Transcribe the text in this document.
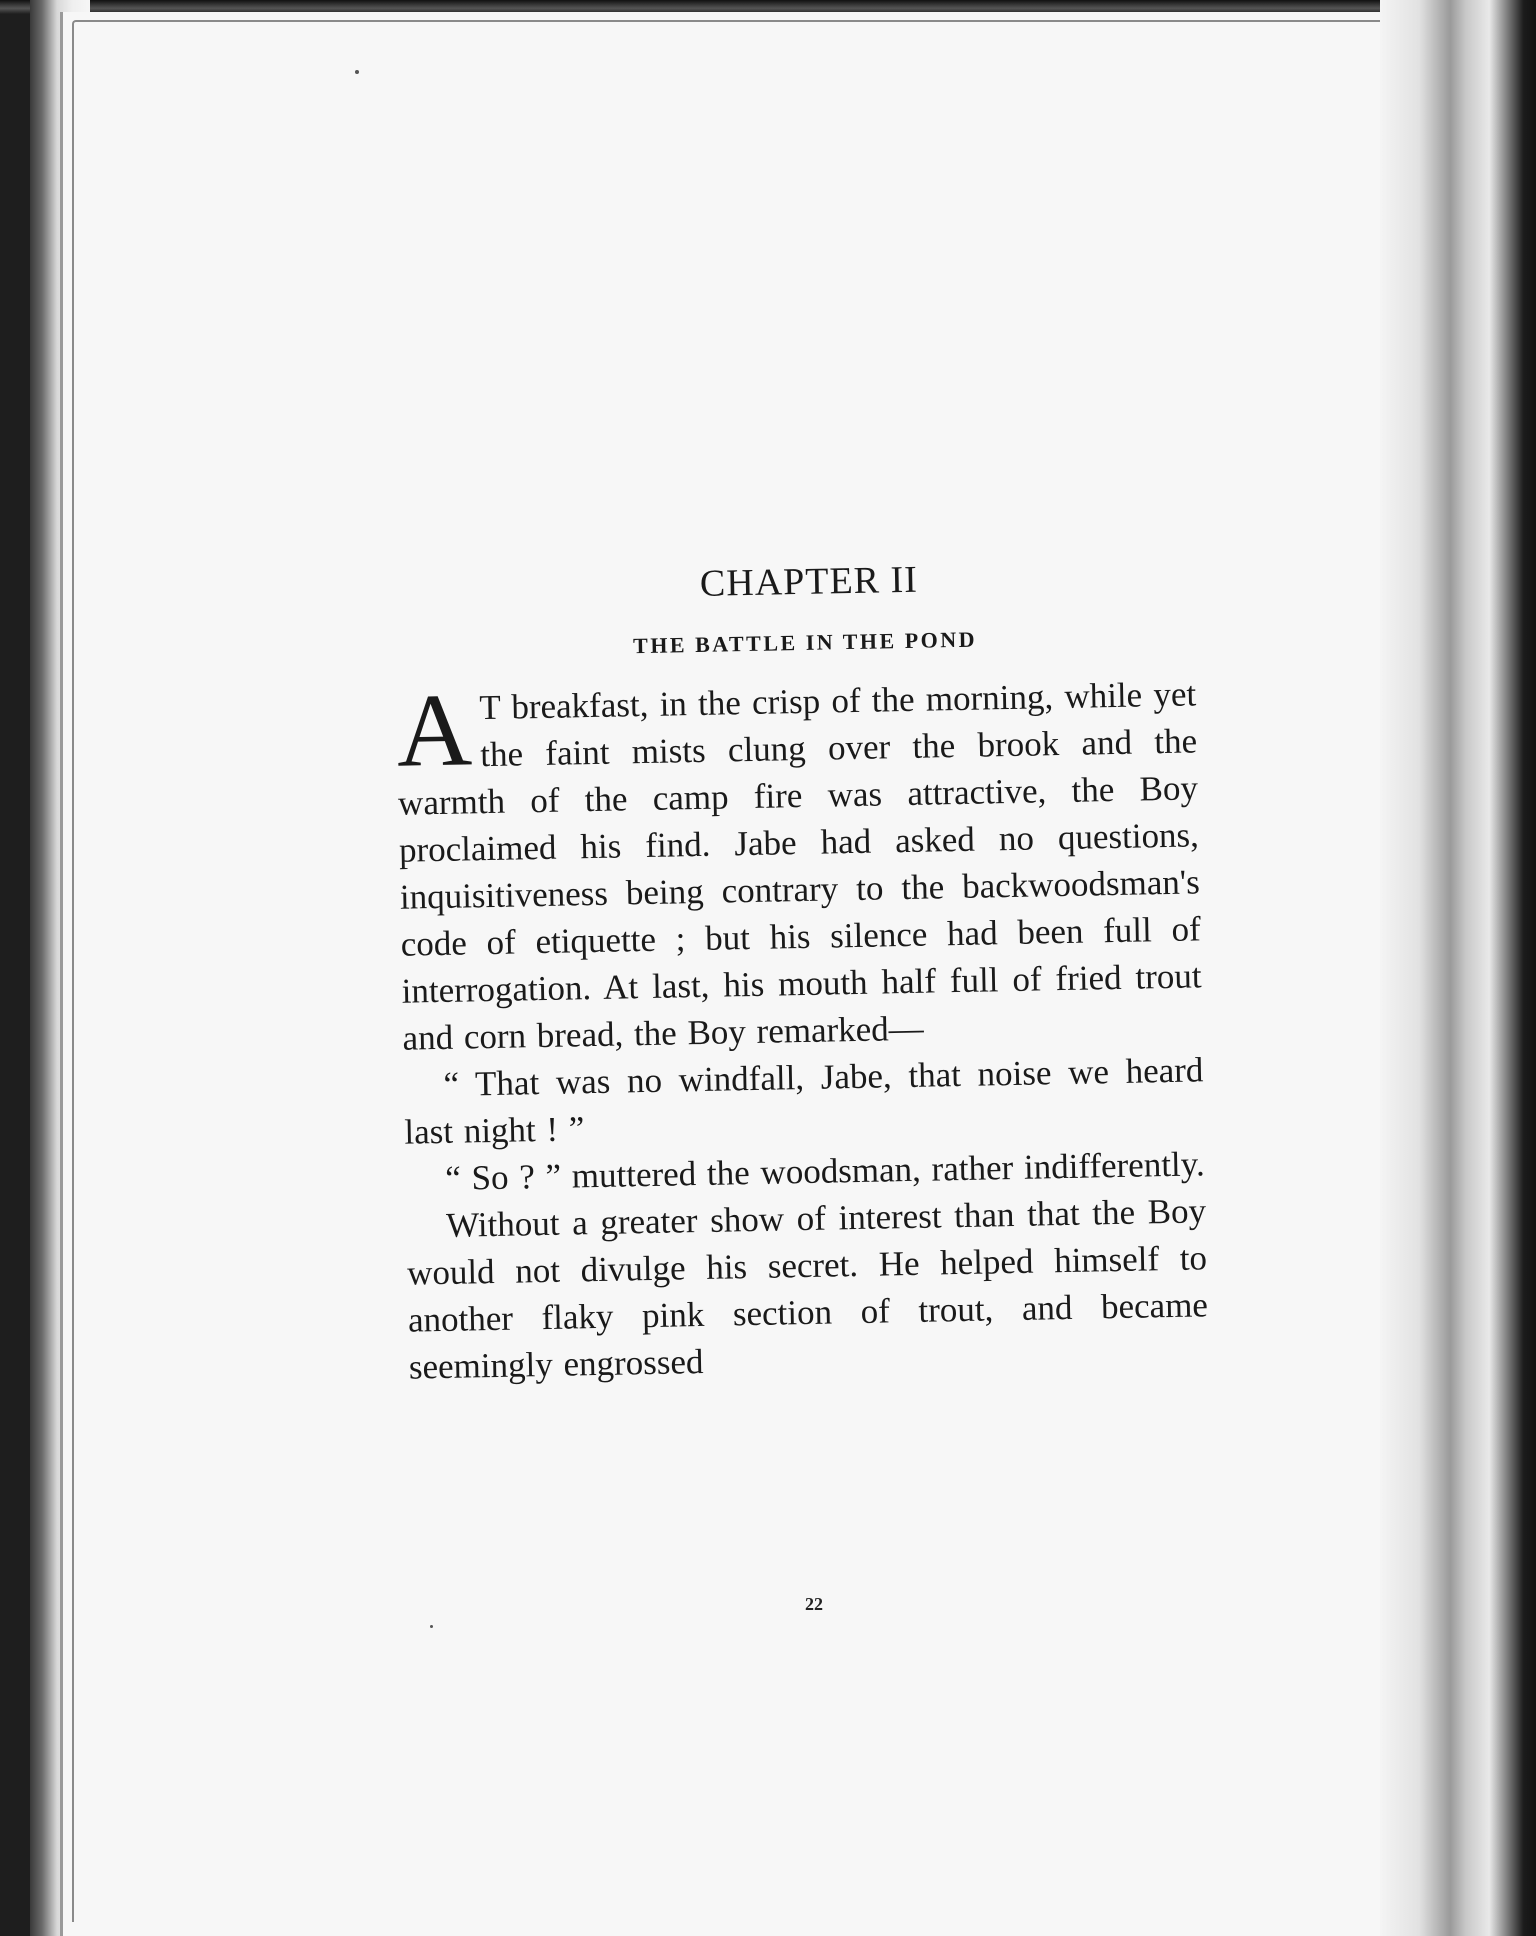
CHAPTER II
THE BATTLE IN THE POND

A T breakfast, in the crisp of the morning, while yet the faint mists clung over the brook and the warmth of the camp fire was attractive, the Boy proclaimed his find. Jabe had asked no questions, inquisitiveness being contrary to the backwoodsman's code of etiquette ; but his silence had been full of interrogation. At last, his mouth half full of fried trout and corn bread, the Boy remarked—

“ That was no windfall, Jabe, that noise we heard last night ! ”

“ So ? ” muttered the woodsman, rather indifferently.

Without a greater show of interest than that the Boy would not divulge his secret. He helped himself to another flaky pink section of trout, and became seemingly engrossed

22
